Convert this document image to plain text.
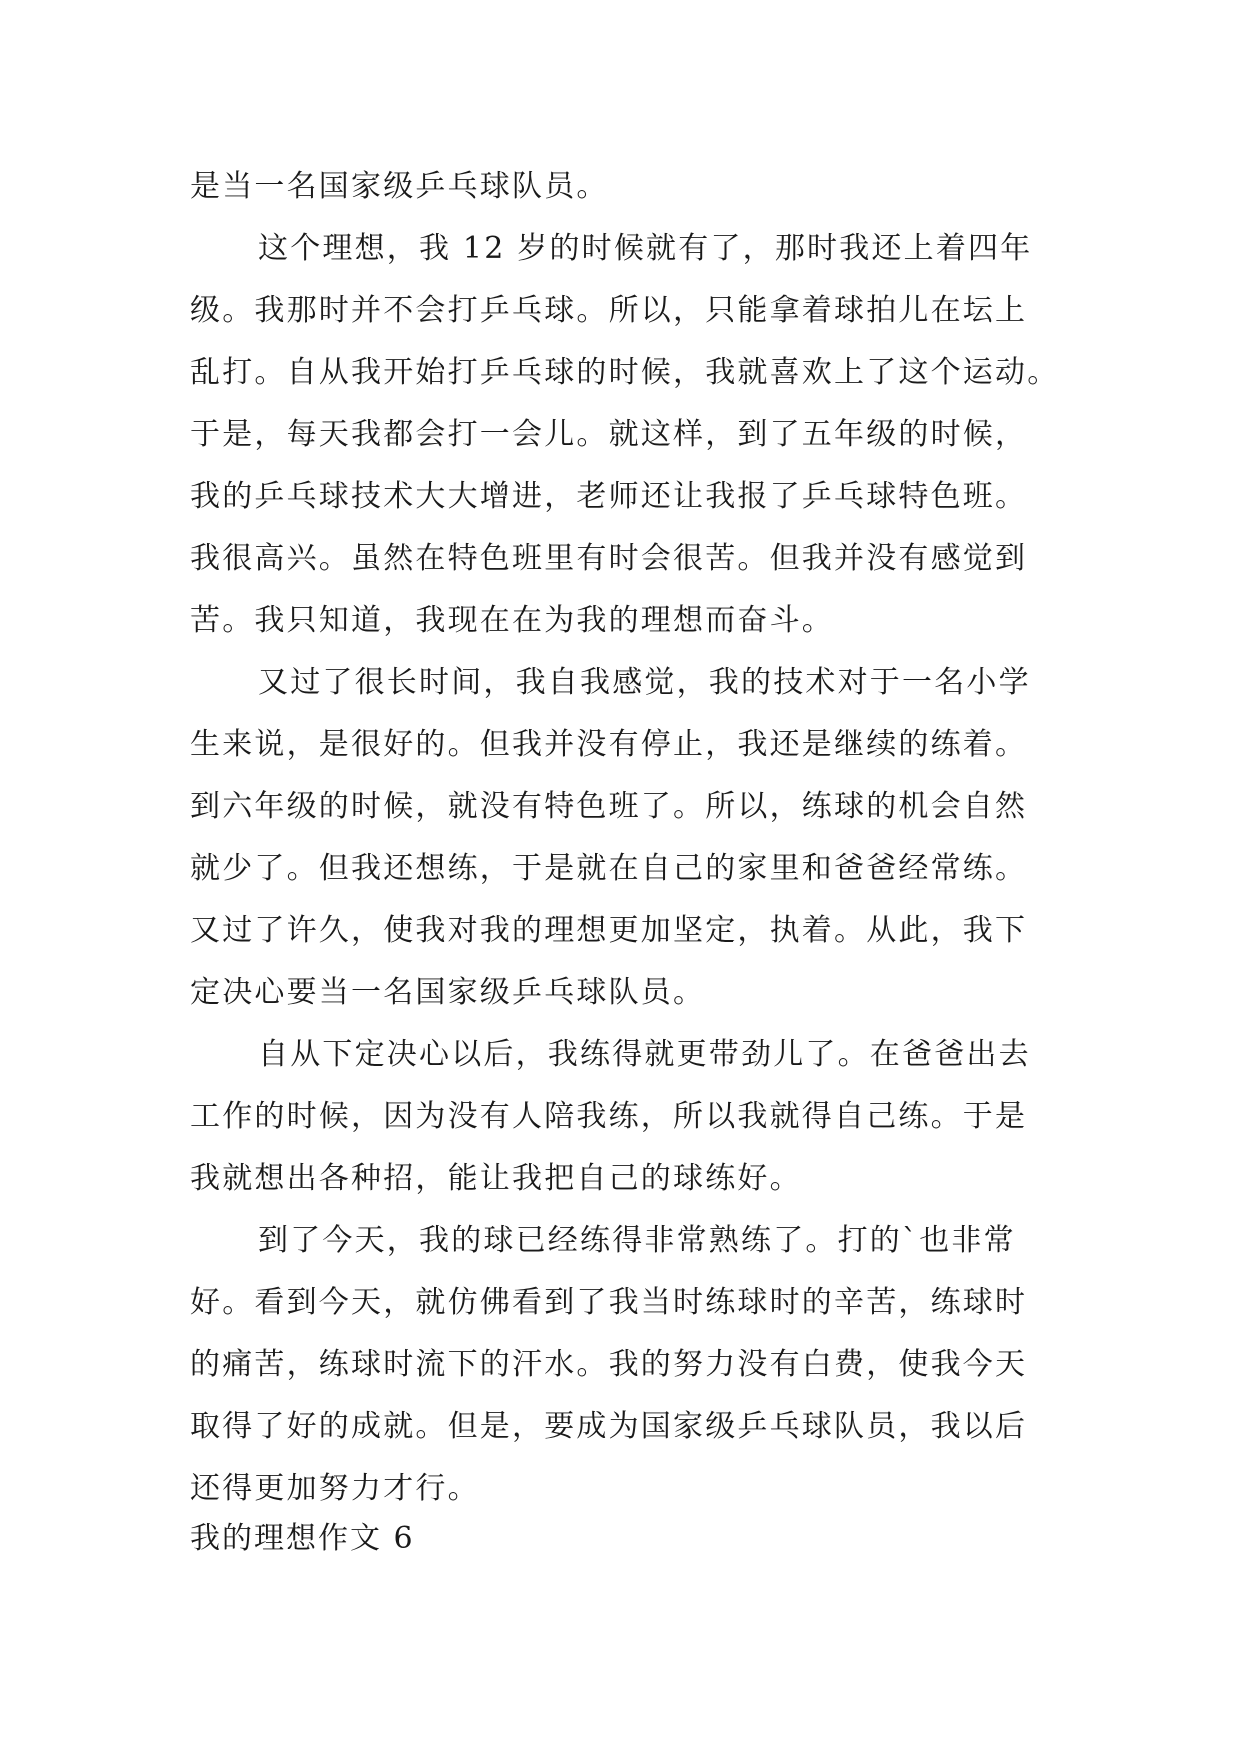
是当一名国家级乒乓球队员。
这个理想，我 12 岁的时候就有了，那时我还上着四年
级。我那时并不会打乒乓球。所以，只能拿着球拍儿在坛上
乱打。自从我开始打乒乓球的时候，我就喜欢上了这个运动。
于是，每天我都会打一会儿。就这样，到了五年级的时候，
我的乒乓球技术大大增进，老师还让我报了乒乓球特色班。
我很高兴。虽然在特色班里有时会很苦。但我并没有感觉到
苦。我只知道，我现在在为我的理想而奋斗。
又过了很长时间，我自我感觉，我的技术对于一名小学
生来说，是很好的。但我并没有停止，我还是继续的练着。
到六年级的时候，就没有特色班了。所以，练球的机会自然
就少了。但我还想练，于是就在自己的家里和爸爸经常练。
又过了许久，使我对我的理想更加坚定，执着。从此，我下
定决心要当一名国家级乒乓球队员。
自从下定决心以后，我练得就更带劲儿了。在爸爸出去
工作的时候，因为没有人陪我练，所以我就得自己练。于是
我就想出各种招，能让我把自己的球练好。
到了今天，我的球已经练得非常熟练了。打的`也非常
好。看到今天，就仿佛看到了我当时练球时的辛苦，练球时
的痛苦，练球时流下的汗水。我的努力没有白费，使我今天
取得了好的成就。但是，要成为国家级乒乓球队员，我以后
还得更加努力才行。
我的理想作文 6
